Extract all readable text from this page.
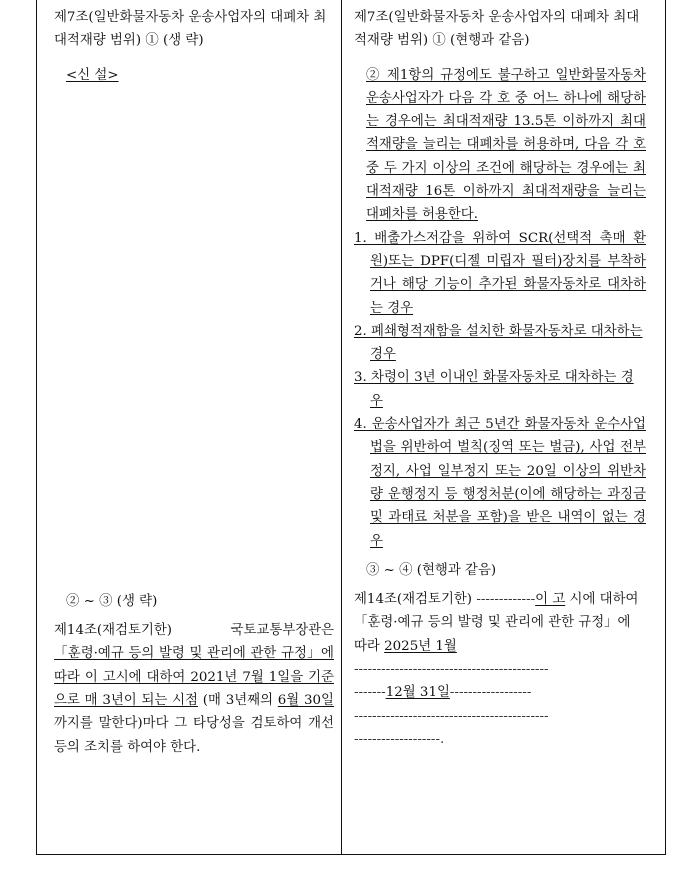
제7조(일반화물자동차 운송사업자의 대폐차 최대적재량 범위) ① (생 략)

<신 설>

② ~ ③ (생 략)

제14조(재검토기한)	국토교통부장관은 「훈령·예규 등의 발령 및 관리에 관한 규정」에 따라 이 고시에 대하여 2021년 7월 1일을 기준으로 매 3년이 되는 시점 (매 3년째의 6월 30일까지를 말한다)마다 그 타당성을 검토하여 개선 등의 조치를 하여야 한다.

제7조(일반화물자동차 운송사업자의 대폐차 최대적재량 범위) ① (현행과 같음)

② 제1항의 규정에도 불구하고 일반화물자동차 운송사업자가 다음 각 호 중 어느 하나에 해당하는 경우에는 최대적재량 13.5톤 이하까지 최대적재량을 늘리는 대폐차를 허용하며, 다음 각 호 중 두 가지 이상의 조건에 해당하는 경우에는 최대적재량 16톤 이하까지 최대적재량을 늘리는 대폐차를 허용한다.

1. 배출가스저감을 위하여 SCR(선택적 촉매 환원)또는 DPF(디젤 미립자 필터)장치를 부착하거나 해당 기능이 추가된 화물자동차로 대차하는 경우

2. 폐쇄형적재함을 설치한 화물자동차로 대차하는 경우

3. 차령이 3년 이내인 화물자동차로 대차하는 경우

4. 운송사업자가 최근 5년간 화물자동차 운수사업법을 위반하여 벌칙(징역 또는 벌금), 사업 전부정지, 사업 일부정지 또는 20일 이상의 위반차량 운행정지 등 행정처분(이에 해당하는 과징금 및 과태료 처분을 포함)을 받은 내역이 없는 경우

③ ~ ④ (현행과 같음)

제14조(재검토기한) -------------이 고 시에 대하여 「훈령·예규 등의 발령 및 관리에 관한 규정」에 따라 2025년 1월
-------------------------------------------
-------12월 31일------------------
-------------------------------------------
-------------------.
